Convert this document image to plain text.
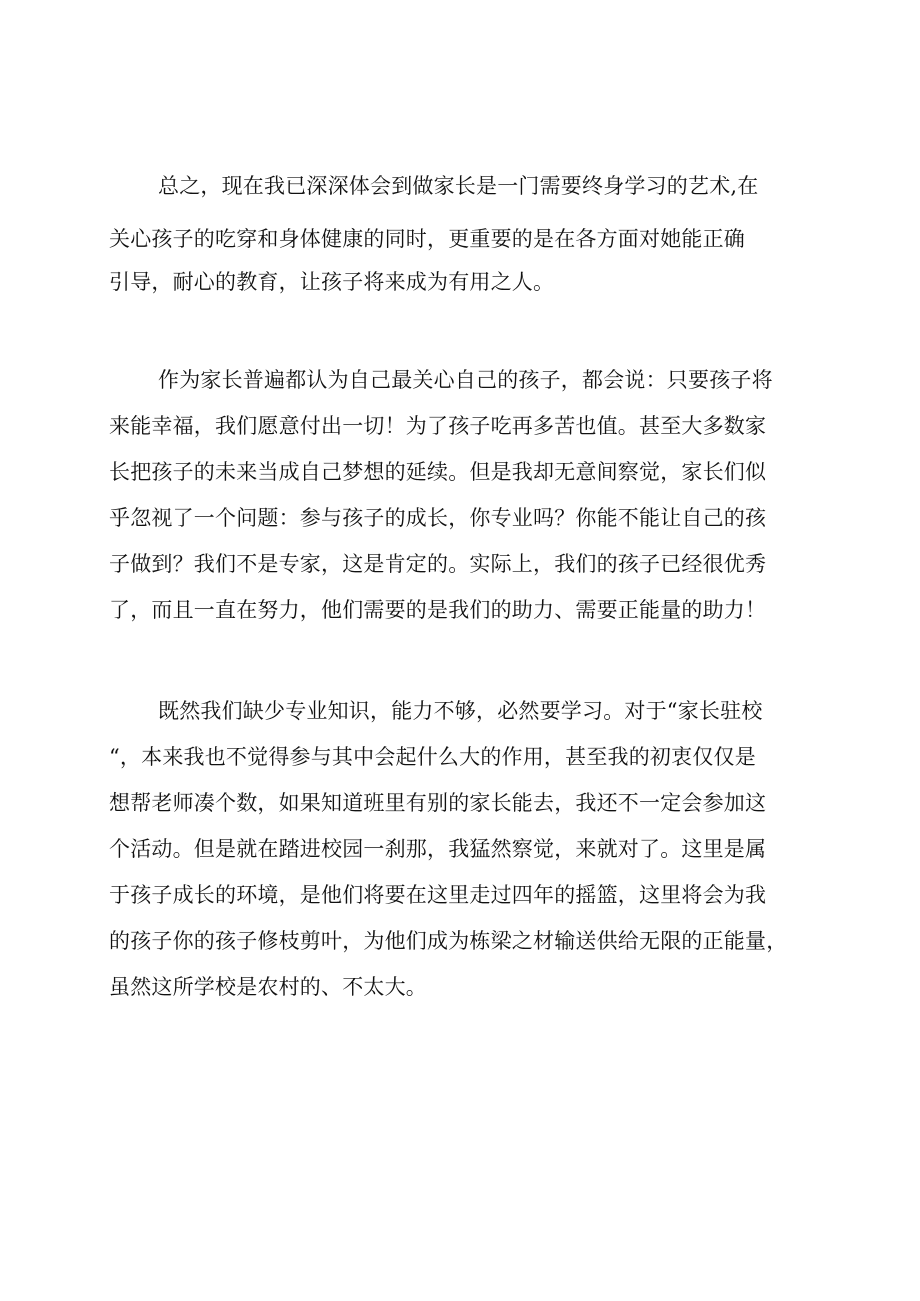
总之，现在我已深深体会到做家长是一门需要终身学习的艺术,在
关心孩子的吃穿和身体健康的同时，更重要的是在各方面对她能正确
引导，耐心的教育，让孩子将来成为有用之人。
作为家长普遍都认为自己最关心自己的孩子，都会说：只要孩子将
来能幸福，我们愿意付出一切！为了孩子吃再多苦也值。甚至大多数家
长把孩子的未来当成自己梦想的延续。但是我却无意间察觉，家长们似
乎忽视了一个问题：参与孩子的成长，你专业吗？你能不能让自己的孩
子做到？我们不是专家，这是肯定的。实际上，我们的孩子已经很优秀
了，而且一直在努力，他们需要的是我们的助力、需要正能量的助力！
既然我们缺少专业知识，能力不够，必然要学习。对于“家长驻校
“，本来我也不觉得参与其中会起什么大的作用，甚至我的初衷仅仅是
想帮老师凑个数，如果知道班里有别的家长能去，我还不一定会参加这
个活动。但是就在踏进校园一刹那，我猛然察觉，来就对了。这里是属
于孩子成长的环境，是他们将要在这里走过四年的摇篮，这里将会为我
的孩子你的孩子修枝剪叶，为他们成为栋梁之材输送供给无限的正能量，
虽然这所学校是农村的、不太大。
